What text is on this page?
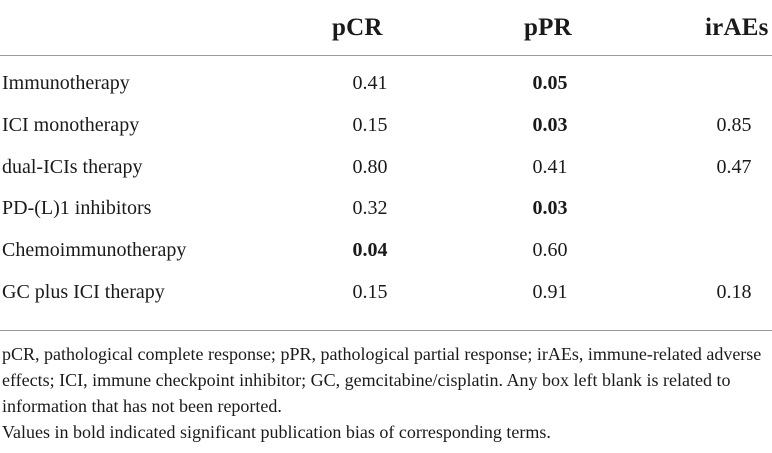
pCR	pPR	irAEs
Immunotherapy	0.41	0.05
ICI monotherapy	0.15	0.03	0.85
dual-ICIs therapy	0.80	0.41	0.47
PD-(L)1 inhibitors	0.32	0.03
Chemoimmunotherapy	0.04	0.60
GC plus ICI therapy	0.15	0.91	0.18

pCR, pathological complete response; pPR, pathological partial response; irAEs, immune-related adverse effects; ICI, immune checkpoint inhibitor; GC, gemcitabine/cisplatin. Any box left blank is related to information that has not been reported.

Values in bold indicated significant publication bias of corresponding terms.
